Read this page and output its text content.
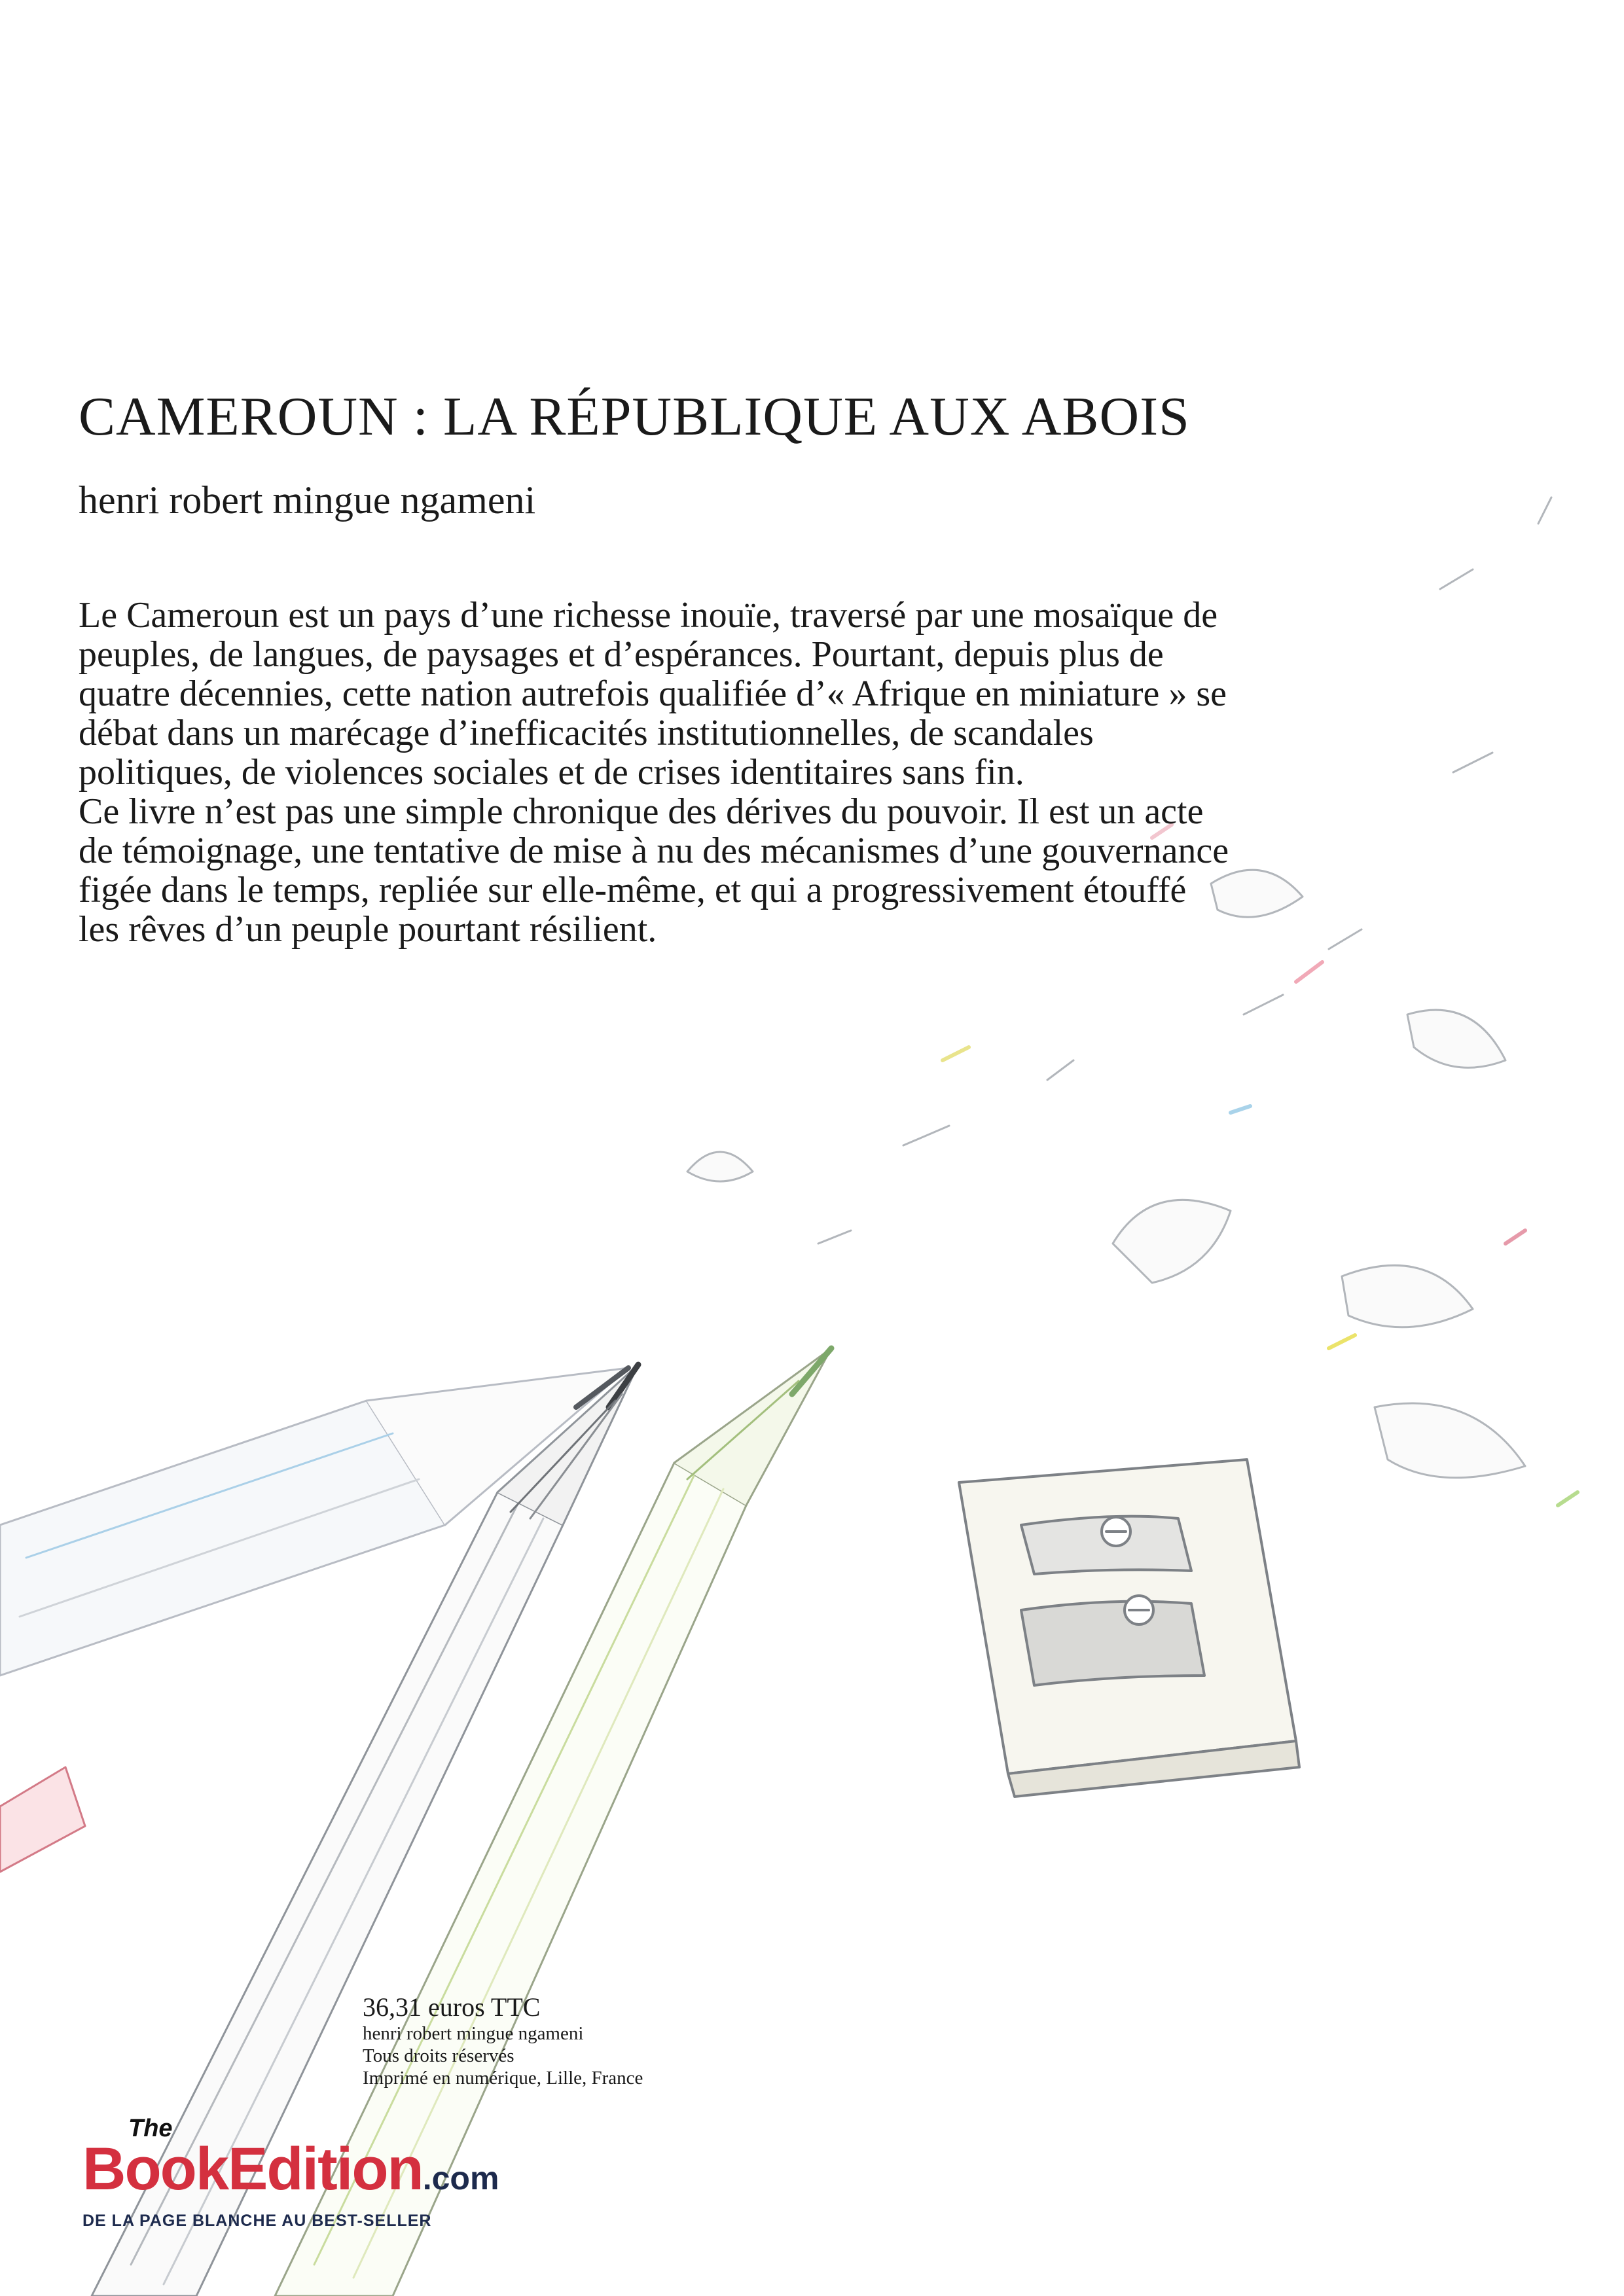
CAMEROUN : LA RÉPUBLIQUE AUX ABOIS
henri robert mingue ngameni

Le Cameroun est un pays d’une richesse inouïe, traversé par une mosaïque de peuples, de langues, de paysages et d’espérances. Pourtant, depuis plus de quatre décennies, cette nation autrefois qualifiée d’« Afrique en miniature » se débat dans un marécage d’inefficacités institutionnelles, de scandales politiques, de violences sociales et de crises identitaires sans fin.

Ce livre n’est pas une simple chronique des dérives du pouvoir. Il est un acte de témoignage, une tentative de mise à nu des mécanismes d’une gouvernance figée dans le temps, repliée sur elle-même, et qui a progressivement étouffé les rêves d’un peuple pourtant résilient.

36,31 euros TTC
henri robert mingue ngameni
Tous droits réservés
Imprimé en numérique, Lille, France
The
BookEdition.com
DE LA PAGE BLANCHE AU BEST-SELLER
